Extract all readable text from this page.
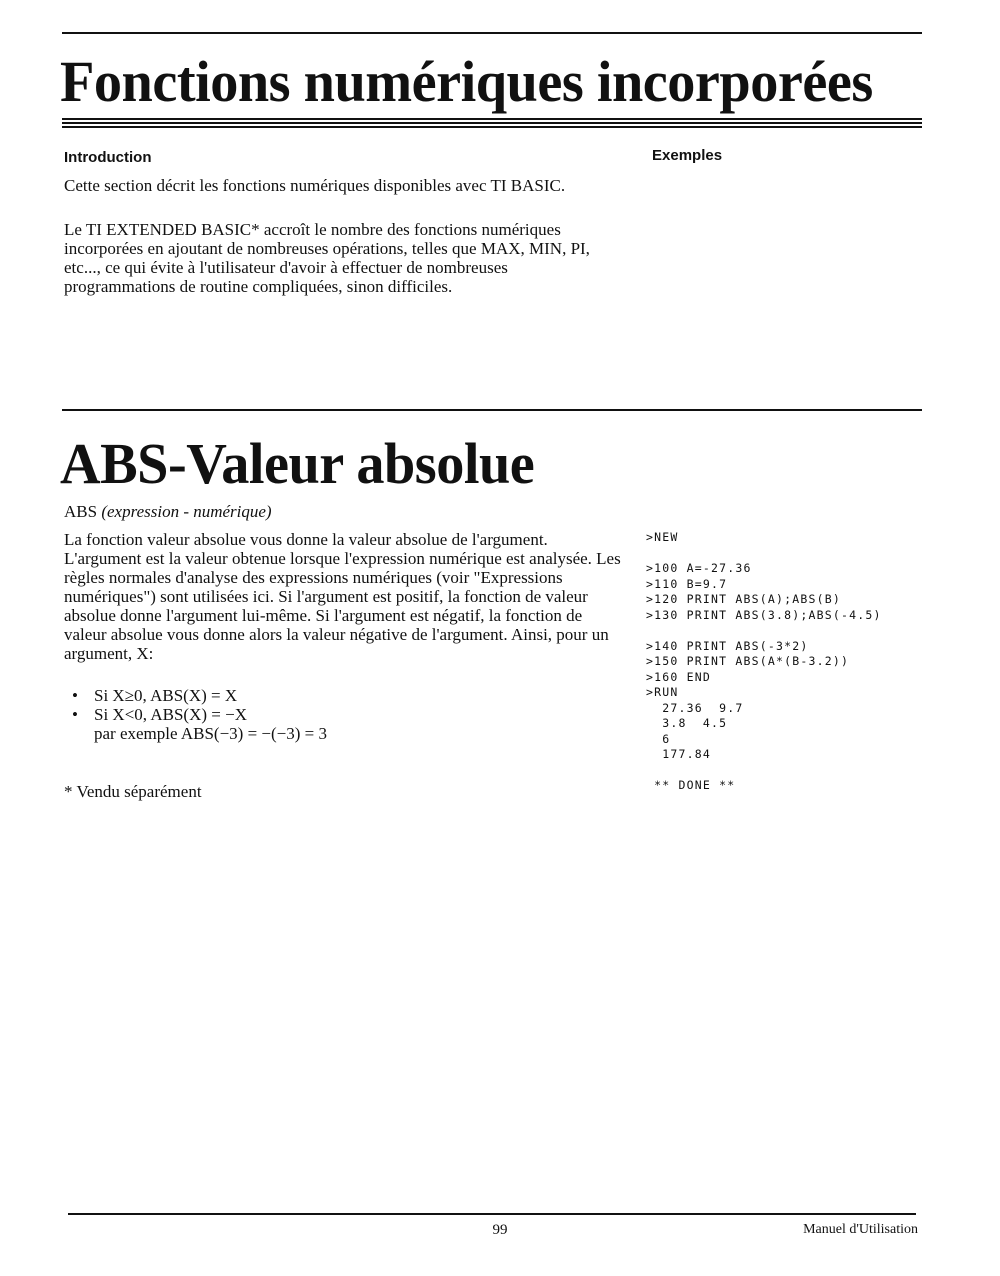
Fonctions numériques incorporées
Introduction	Exemples

Cette section décrit les fonctions numériques disponibles avec TI BASIC.

Le TI EXTENDED BASIC* accroît le nombre des fonctions numériques incorporées en ajoutant de nombreuses opérations, telles que MAX, MIN, PI, etc..., ce qui évite à l'utilisateur d'avoir à effectuer de nombreuses programmations de routine compliquées, sinon difficiles.

ABS-Valeur absolue

ABS (expression - numérique)

La fonction valeur absolue vous donne la valeur absolue de l'argument. L'argument est la valeur obtenue lorsque l'expression numérique est analysée. Les règles normales d'analyse des expressions numériques (voir "Expressions numériques") sont utilisées ici. Si l'argument est positif, la fonction de valeur absolue donne l'argument lui-même. Si l'argument est négatif, la fonction de valeur absolue vous donne alors la valeur négative de l'argument. Ainsi, pour un argument, X:

• Si X≥0, ABS(X) = X
• Si X<0, ABS(X) = −X
par exemple ABS(−3) = −(−3) = 3

* Vendu séparément

>NEW
>100 A=-27.36
>110 B=9.7
>120 PRINT ABS(A);ABS(B)
>130 PRINT ABS(3.8);ABS(-4.5)
>140 PRINT ABS(-3*2)
>150 PRINT ABS(A*(B-3.2))
>160 END
>RUN
27.36  9.7
3.8  4.5
6
177.84
** DONE **
99	Manuel d'Utilisation
